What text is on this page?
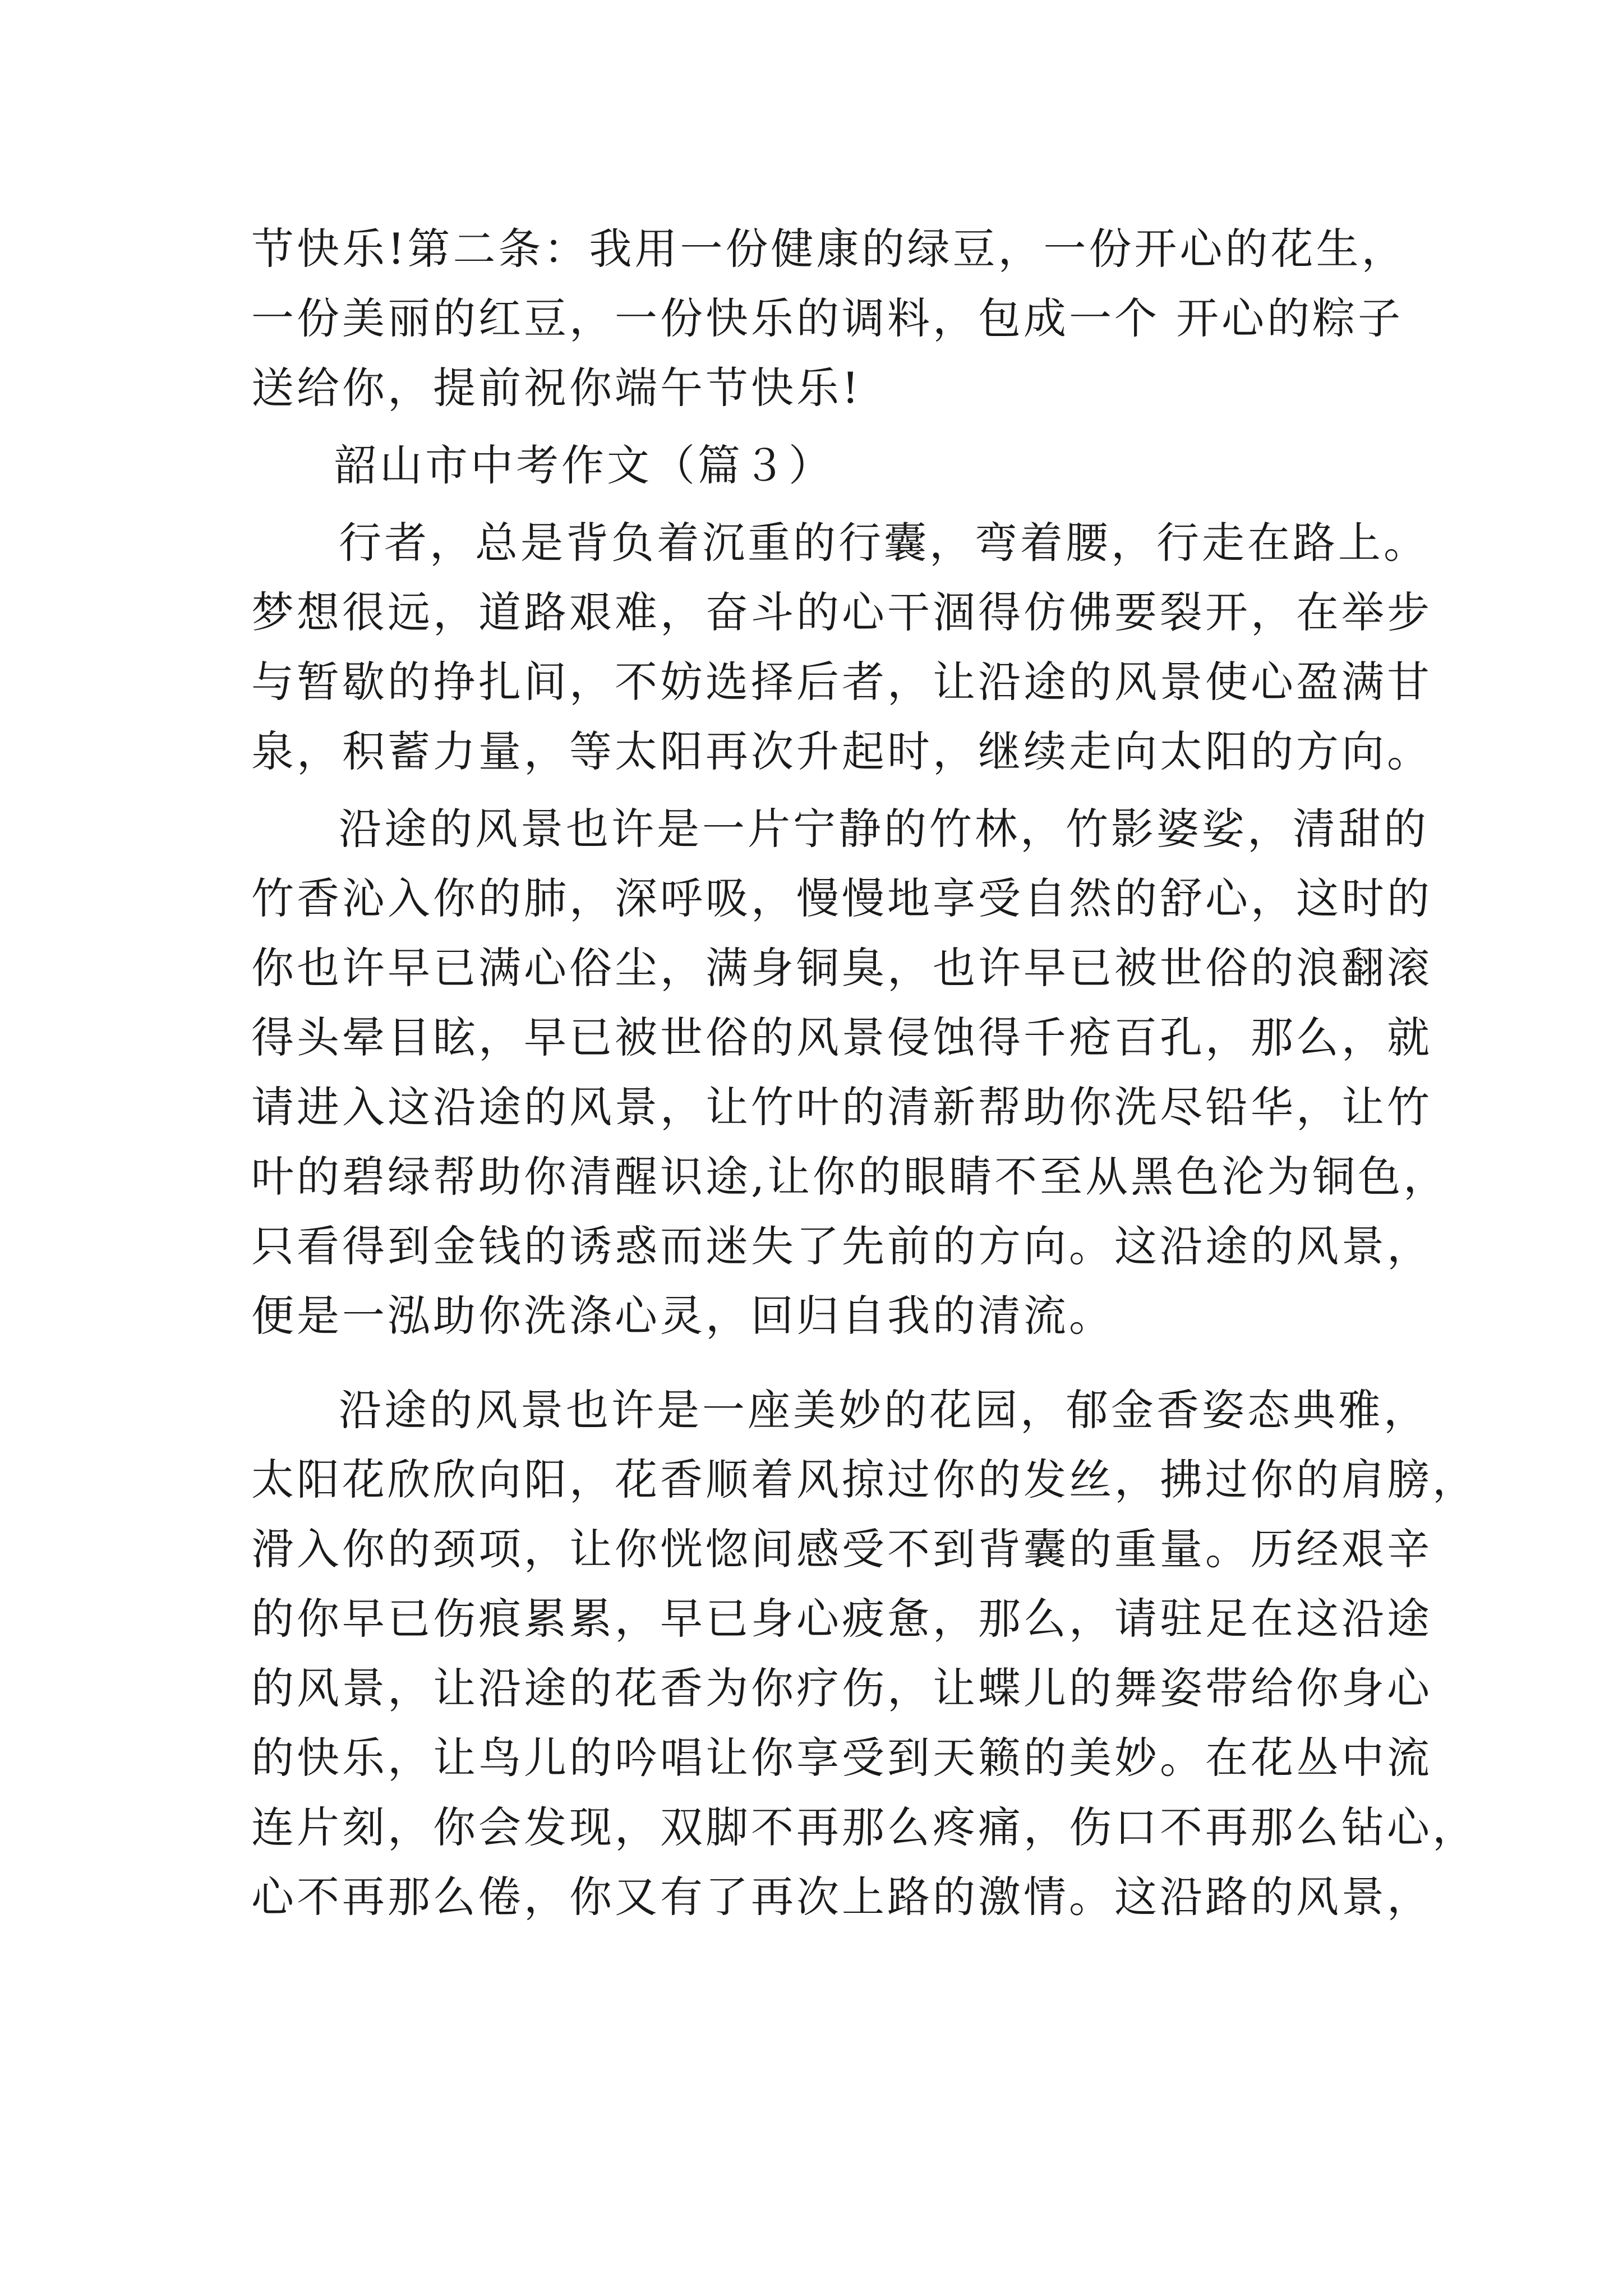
节快乐!第二条：我用一份健康的绿豆，一份开心的花生，
一份美丽的红豆，一份快乐的调料，包成一个 开心的粽子
送给你，提前祝你端午节快乐!
韶山市中考作文（篇３）
行者，总是背负着沉重的行囊，弯着腰，行走在路上。
梦想很远，道路艰难，奋斗的心干涸得仿佛要裂开，在举步
与暂歇的挣扎间，不妨选择后者，让沿途的风景使心盈满甘
泉，积蓄力量，等太阳再次升起时，继续走向太阳的方向。
沿途的风景也许是一片宁静的竹林，竹影婆娑，清甜的
竹香沁入你的肺，深呼吸，慢慢地享受自然的舒心，这时的
你也许早已满心俗尘，满身铜臭，也许早已被世俗的浪翻滚
得头晕目眩，早已被世俗的风景侵蚀得千疮百孔，那么，就
请进入这沿途的风景，让竹叶的清新帮助你洗尽铅华，让竹
叶的碧绿帮助你清醒识途,让你的眼睛不至从黑色沦为铜色，
只看得到金钱的诱惑而迷失了先前的方向。这沿途的风景，
便是一泓助你洗涤心灵，回归自我的清流。
沿途的风景也许是一座美妙的花园，郁金香姿态典雅，
太阳花欣欣向阳，花香顺着风掠过你的发丝，拂过你的肩膀，
滑入你的颈项，让你恍惚间感受不到背囊的重量。历经艰辛
的你早已伤痕累累，早已身心疲惫，那么，请驻足在这沿途
的风景，让沿途的花香为你疗伤，让蝶儿的舞姿带给你身心
的快乐，让鸟儿的吟唱让你享受到天籁的美妙。在花丛中流
连片刻，你会发现，双脚不再那么疼痛，伤口不再那么钻心，
心不再那么倦，你又有了再次上路的激情。这沿路的风景，
